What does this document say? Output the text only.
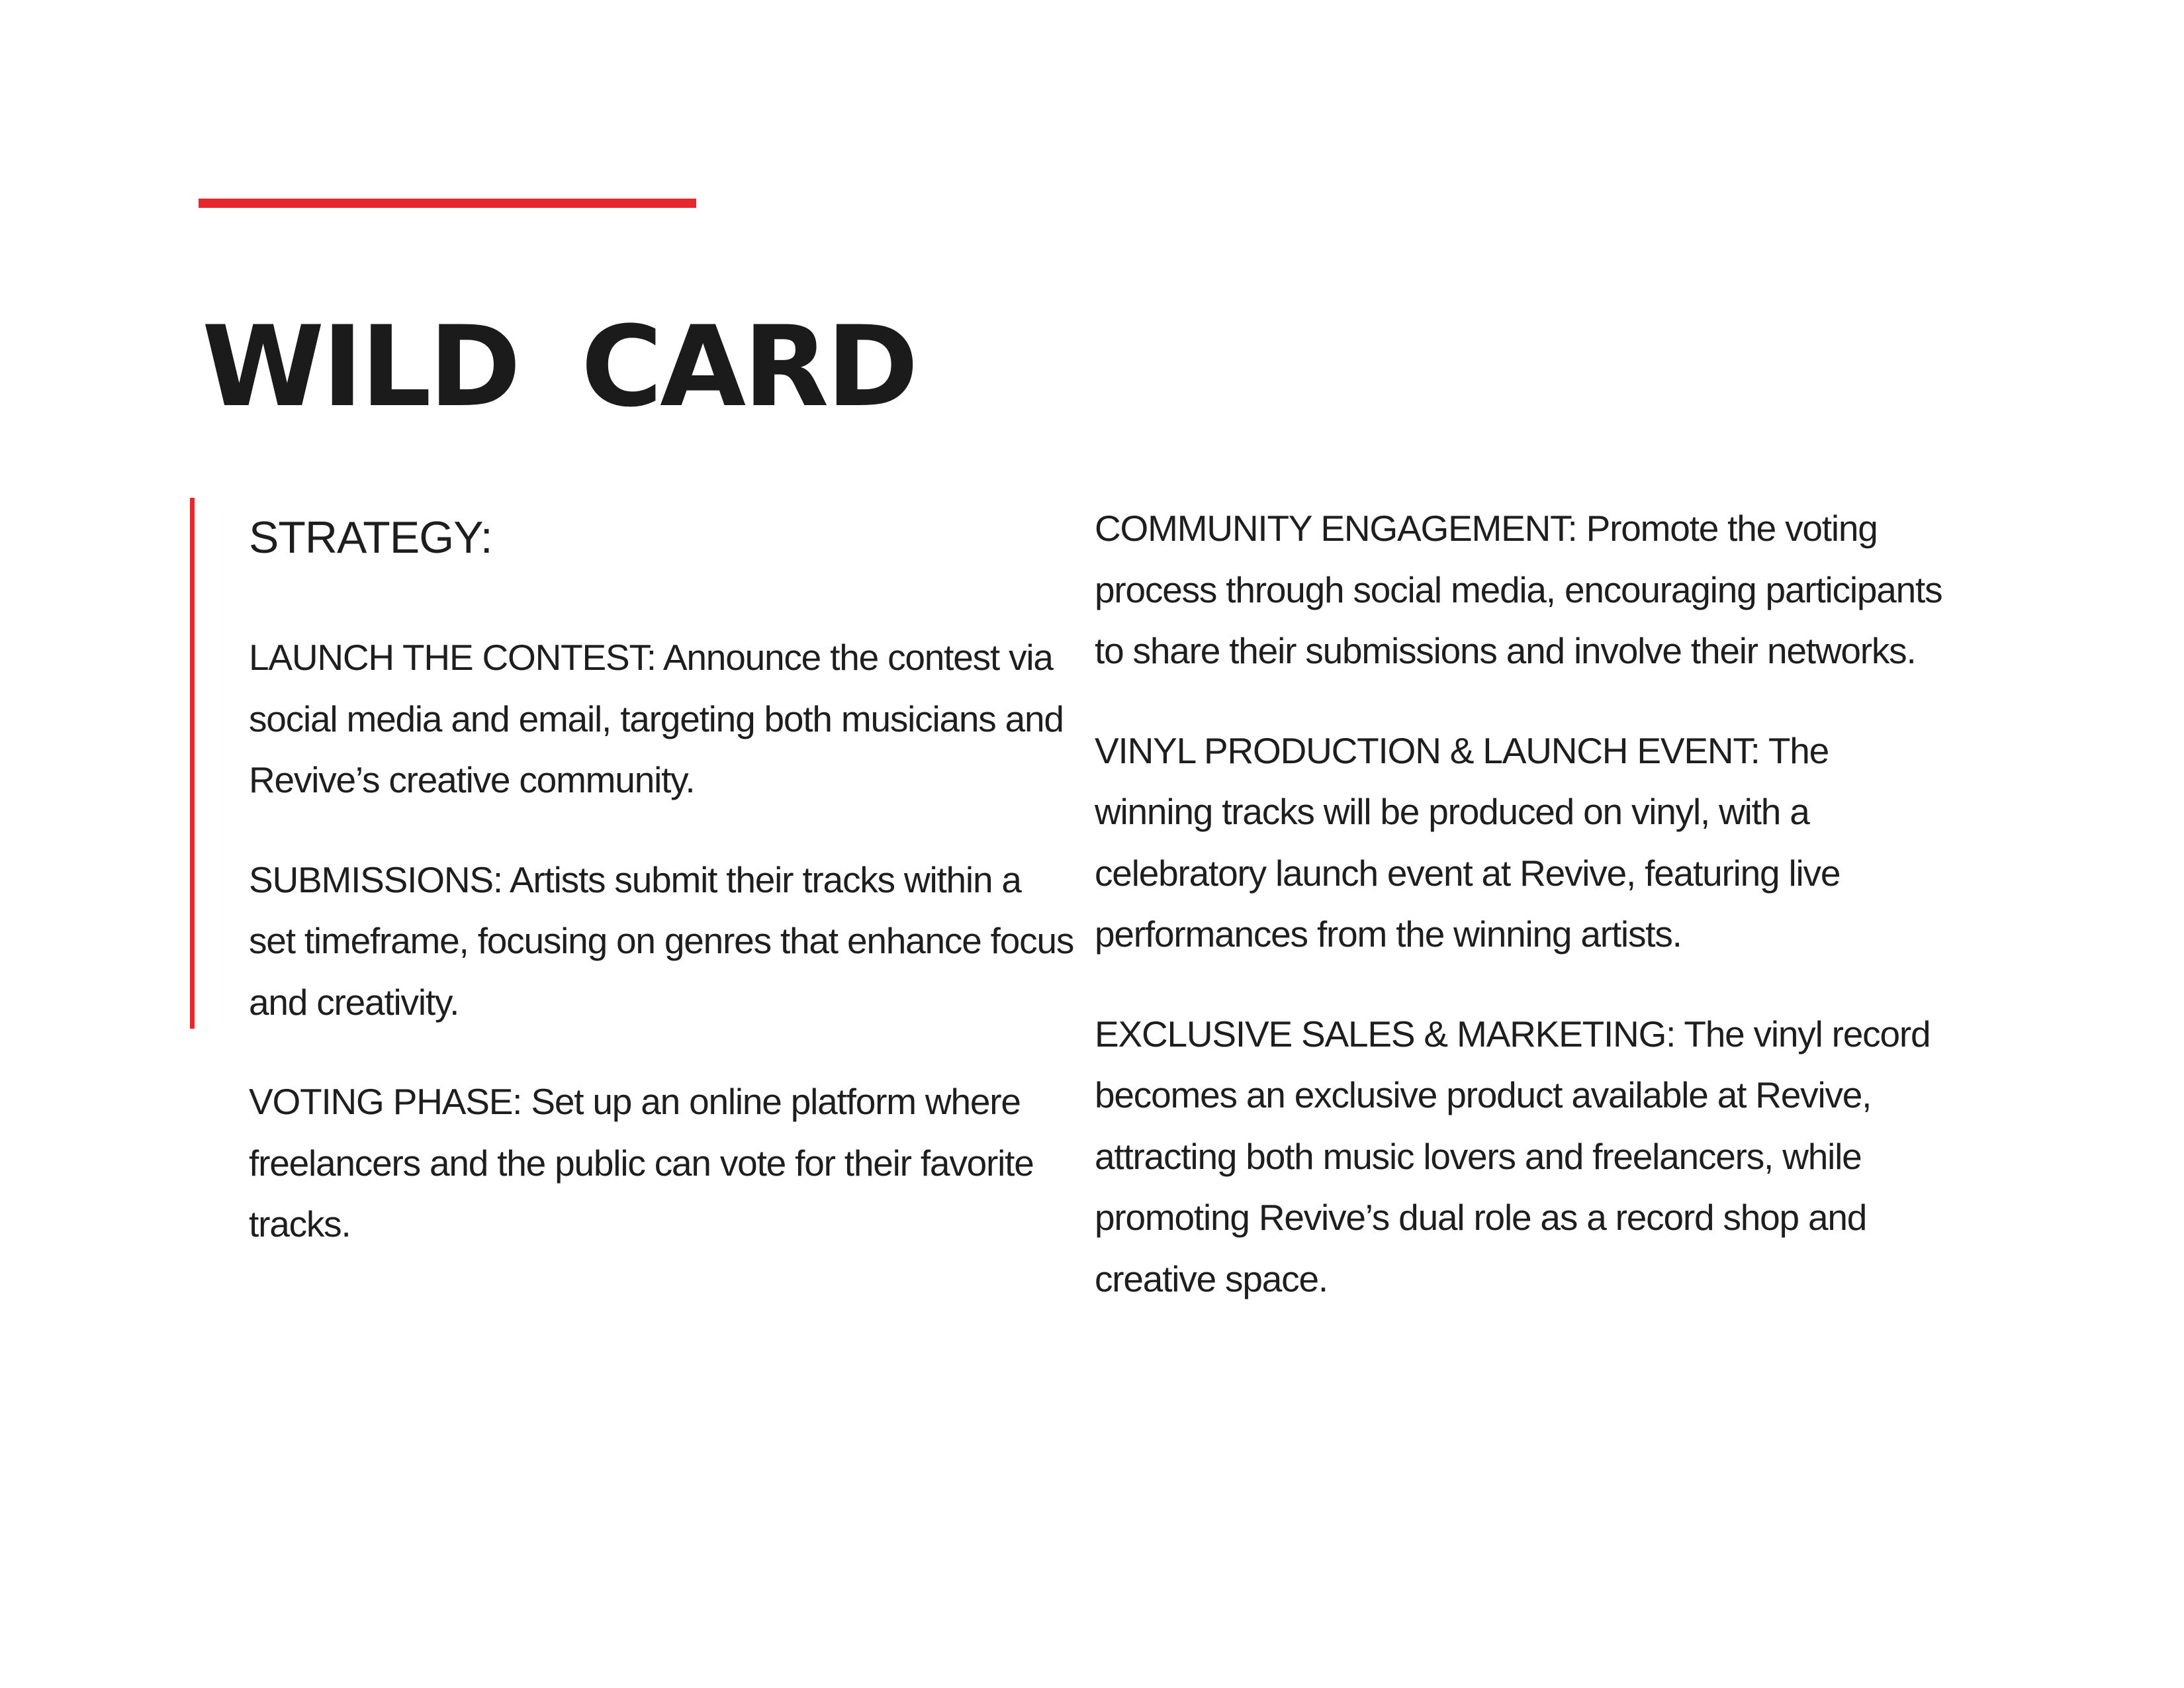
WILD CARD
STRATEGY:

LAUNCH THE CONTEST: Announce the contest via social media and email, targeting both musicians and Revive’s creative community.

SUBMISSIONS: Artists submit their tracks within a set timeframe, focusing on genres that enhance focus and creativity.

VOTING PHASE: Set up an online platform where freelancers and the public can vote for their favorite tracks.

COMMUNITY ENGAGEMENT: Promote the voting process through social media, encouraging participants to share their submissions and involve their networks.

VINYL PRODUCTION & LAUNCH EVENT: The winning tracks will be produced on vinyl, with a celebratory launch event at Revive, featuring live performances from the winning artists.

EXCLUSIVE SALES & MARKETING: The vinyl record becomes an exclusive product available at Revive, attracting both music lovers and freelancers, while promoting Revive’s dual role as a record shop and creative space.
